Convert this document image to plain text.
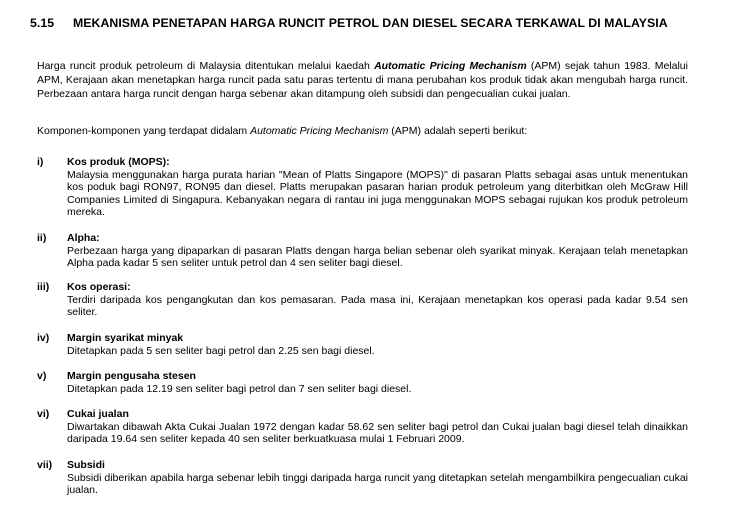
5.15 MEKANISMA PENETAPAN HARGA RUNCIT PETROL DAN DIESEL SECARA TERKAWAL DI MALAYSIA
Harga runcit produk petroleum di Malaysia ditentukan melalui kaedah Automatic Pricing Mechanism (APM) sejak tahun 1983. Melalui APM, Kerajaan akan menetapkan harga runcit pada satu paras tertentu di mana perubahan kos produk tidak akan mengubah harga runcit. Perbezaan antara harga runcit dengan harga sebenar akan ditampung oleh subsidi dan pengecualian cukai jualan.
Komponen-komponen yang terdapat didalam Automatic Pricing Mechanism (APM) adalah seperti berikut:
i) Kos produk (MOPS):
Malaysia menggunakan harga purata harian "Mean of Platts Singapore (MOPS)" di pasaran Platts sebagai asas untuk menentukan kos poduk bagi RON97, RON95 dan diesel. Platts merupakan pasaran harian produk petroleum yang diterbitkan oleh McGraw Hill Companies Limited di Singapura. Kebanyakan negara di rantau ini juga menggunakan MOPS sebagai rujukan kos produk petroleum mereka.
ii) Alpha:
Perbezaan harga yang dipaparkan di pasaran Platts dengan harga belian sebenar oleh syarikat minyak. Kerajaan telah menetapkan Alpha pada kadar 5 sen seliter untuk petrol dan 4 sen seliter bagi diesel.
iii) Kos operasi:
Terdiri daripada kos pengangkutan dan kos pemasaran. Pada masa ini, Kerajaan menetapkan kos operasi pada kadar 9.54 sen seliter.
iv) Margin syarikat minyak
Ditetapkan pada 5 sen seliter bagi petrol dan 2.25 sen bagi diesel.
v) Margin pengusaha stesen
Ditetapkan pada 12.19 sen seliter bagi petrol dan 7 sen seliter bagi diesel.
vi) Cukai jualan
Diwartakan dibawah Akta Cukai Jualan 1972 dengan kadar 58.62 sen seliter bagi petrol dan Cukai jualan bagi diesel telah dinaikkan daripada 19.64 sen seliter kepada 40 sen seliter berkuatkuasa mulai 1 Februari 2009.
vii) Subsidi
Subsidi diberikan apabila harga sebenar lebih tinggi daripada harga runcit yang ditetapkan setelah mengambilkira pengecualian cukai jualan.
